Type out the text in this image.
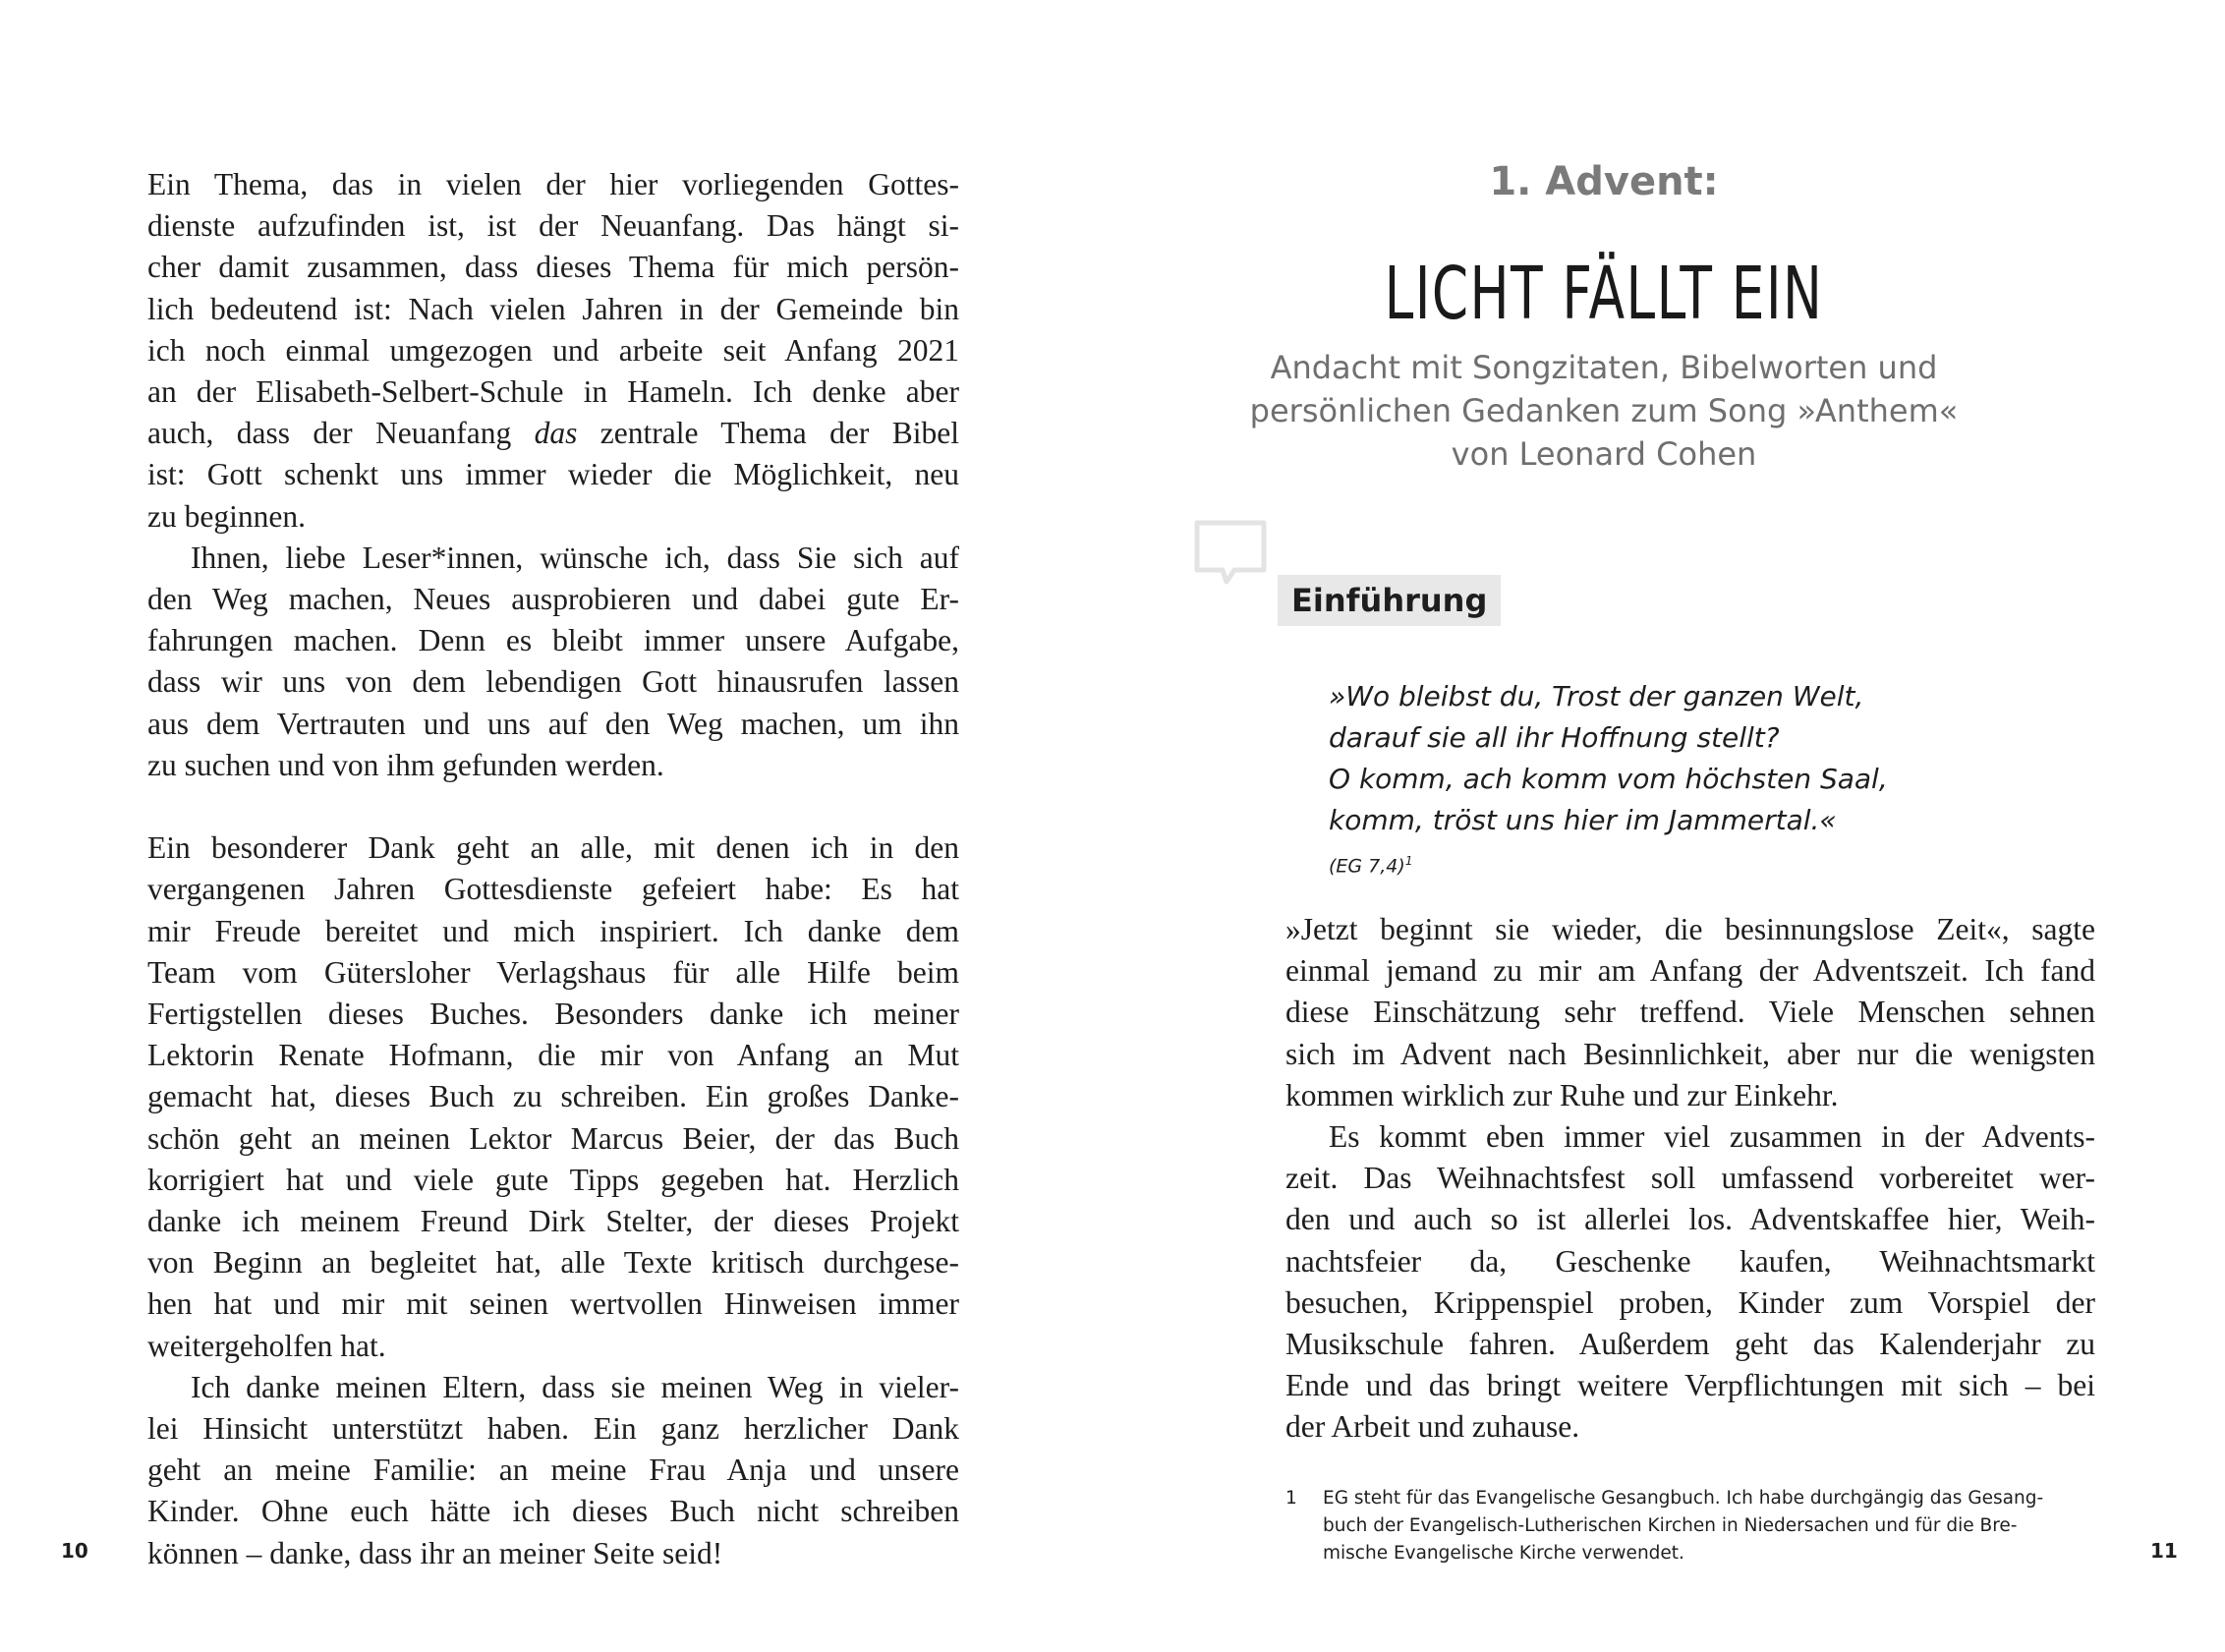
Ein Thema, das in vielen der hier vorliegenden Gottes-
dienste aufzufinden ist, ist der Neuanfang. Das hängt si-
cher damit zusammen, dass dieses Thema für mich persön-
lich bedeutend ist: Nach vielen Jahren in der Gemeinde bin
ich noch einmal umgezogen und arbeite seit Anfang 2021
an der Elisabeth-Selbert-Schule in Hameln. Ich denke aber
auch, dass der Neuanfang das zentrale Thema der Bibel
ist: Gott schenkt uns immer wieder die Möglichkeit, neu
zu beginnen.
Ihnen, liebe Leser*innen, wünsche ich, dass Sie sich auf
den Weg machen, Neues ausprobieren und dabei gute Er-
fahrungen machen. Denn es bleibt immer unsere Aufgabe,
dass wir uns von dem lebendigen Gott hinausrufen lassen
aus dem Vertrauten und uns auf den Weg machen, um ihn
zu suchen und von ihm gefunden werden.
Ein besonderer Dank geht an alle, mit denen ich in den
vergangenen Jahren Gottesdienste gefeiert habe: Es hat
mir Freude bereitet und mich inspiriert. Ich danke dem
Team vom Gütersloher Verlagshaus für alle Hilfe beim
Fertigstellen dieses Buches. Besonders danke ich meiner
Lektorin Renate Hofmann, die mir von Anfang an Mut
gemacht hat, dieses Buch zu schreiben. Ein großes Danke-
schön geht an meinen Lektor Marcus Beier, der das Buch
korrigiert hat und viele gute Tipps gegeben hat. Herzlich
danke ich meinem Freund Dirk Stelter, der dieses Projekt
von Beginn an begleitet hat, alle Texte kritisch durchgese-
hen hat und mir mit seinen wertvollen Hinweisen immer
weitergeholfen hat.
Ich danke meinen Eltern, dass sie meinen Weg in vieler-
lei Hinsicht unterstützt haben. Ein ganz herzlicher Dank
geht an meine Familie: an meine Frau Anja und unsere
Kinder. Ohne euch hätte ich dieses Buch nicht schreiben
können – danke, dass ihr an meiner Seite seid!
10
1. Advent:
LICHT FÄLLT EIN
Andacht mit Songzitaten, Bibelworten und
persönlichen Gedanken zum Song »Anthem«
von Leonard Cohen
Einführung
»Wo bleibst du, Trost der ganzen Welt,
darauf sie all ihr Hoffnung stellt?
O komm, ach komm vom höchsten Saal,
komm, tröst uns hier im Jammertal.«
(EG 7,4)$^1$
»Jetzt beginnt sie wieder, die besinnungslose Zeit«, sagte
einmal jemand zu mir am Anfang der Adventszeit. Ich fand
diese Einschätzung sehr treffend. Viele Menschen sehnen
sich im Advent nach Besinnlichkeit, aber nur die wenigsten
kommen wirklich zur Ruhe und zur Einkehr.
Es kommt eben immer viel zusammen in der Advents-
zeit. Das Weihnachtsfest soll umfassend vorbereitet wer-
den und auch so ist allerlei los. Adventskaffee hier, Weih-
nachtsfeier da, Geschenke kaufen, Weihnachtsmarkt
besuchen, Krippenspiel proben, Kinder zum Vorspiel der
Musikschule fahren. Außerdem geht das Kalenderjahr zu
Ende und das bringt weitere Verpflichtungen mit sich – bei
der Arbeit und zuhause.
1 EG steht für das Evangelische Gesangbuch. Ich habe durchgängig das Gesang-
buch der Evangelisch-Lutherischen Kirchen in Niedersachen und für die Bre-
mische Evangelische Kirche verwendet.	11
